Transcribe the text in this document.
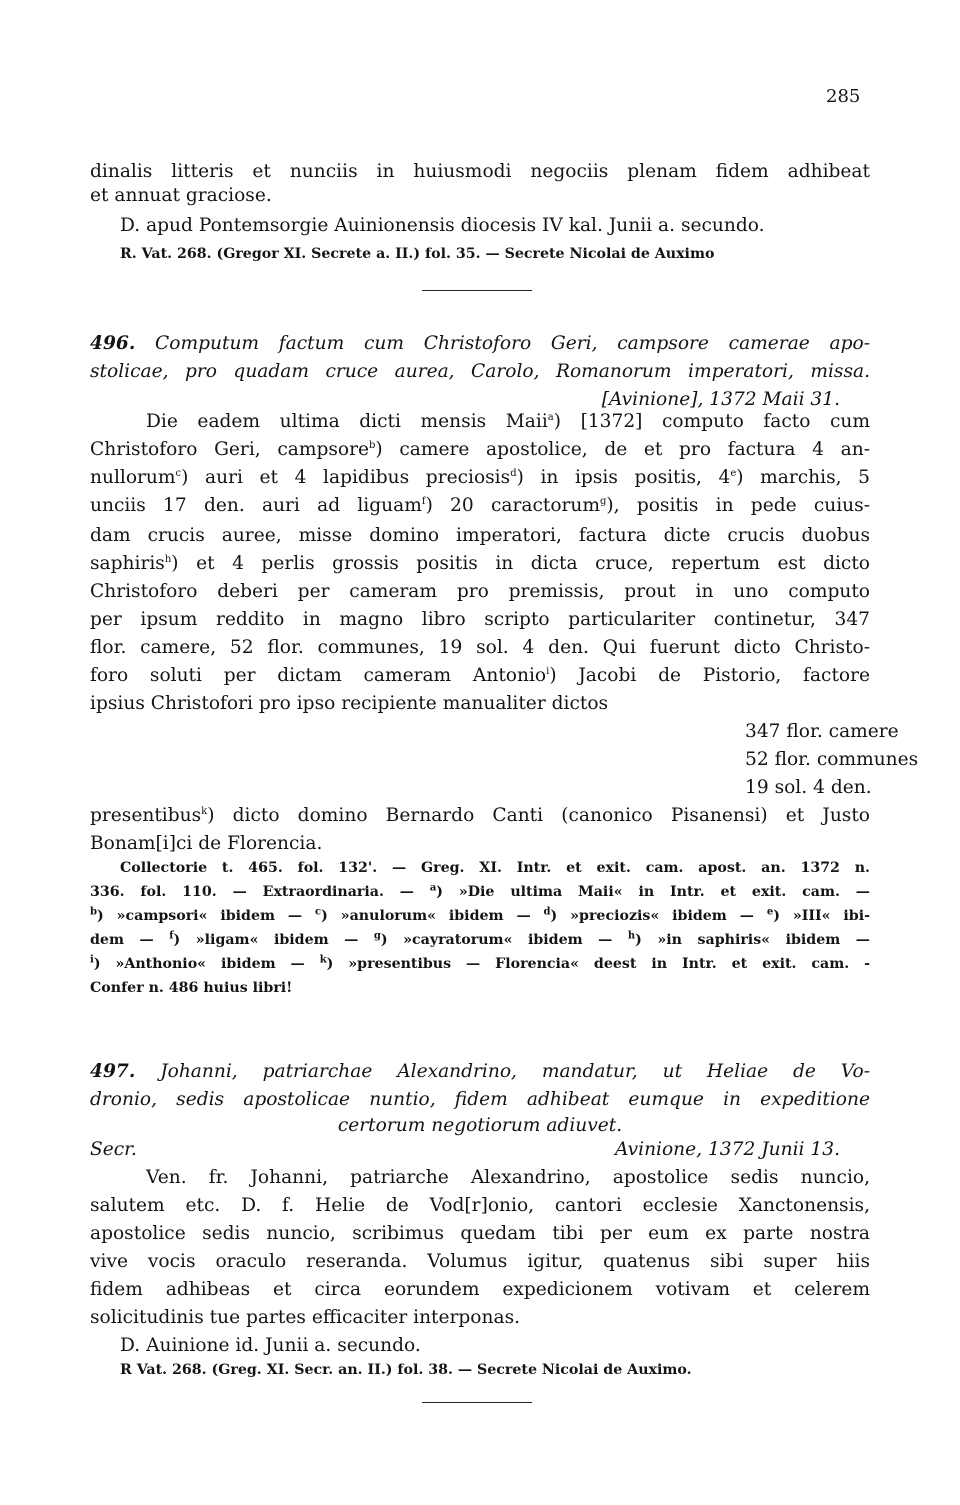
285
dinalis litteris et nunciis in huiusmodi negociis plenam fidem adhibeat
et annuat graciose.
D. apud Pontemsorgie Auinionensis diocesis IV kal. Junii a. secundo.
R. Vat. 268. (Gregor XI. Secrete a. II.) fol. 35. — Secrete Nicolai de Auximo
496. Computum factum cum Christoforo Geri, campsore camerae apo-
stolicae, pro quadam cruce aurea, Carolo, Romanorum imperatori, missa.
[Avinione], 1372 Maii 31.
Die eadem ultima dicti mensis Maii$^a$) [1372] computo facto cum
Christoforo Geri, campsore$^b$) camere apostolice, de et pro factura 4 an-
nullorum$^c$) auri et 4 lapidibus preciosis$^d$) in ipsis positis, 4e) marchis, 5
unciis 17 den. auri ad liguam$^f$) 20 caractorum$^g$), positis in pede cuius-
dam crucis auree, misse domino imperatori, factura dicte crucis duobus
saphiris$^h$) et 4 perlis grossis positis in dicta cruce, repertum est dicto
Christoforo deberi per cameram pro premissis, prout in uno computo
per ipsum reddito in magno libro scripto particulariter continetur, 347
flor. camere, 52 flor. communes, 19 sol. 4 den. Qui fuerunt dicto Christo-
foro soluti per dictam cameram Antonio$^i$) Jacobi de Pistorio, factore
ipsius Christofori pro ipso recipiente manualiter dictos
347 flor. camere
52 flor. communes
19 sol. 4 den.
presentibus$^k$) dicto domino Bernardo Canti (canonico Pisanensi) et Justo
Bonam[i]ci de Florencia.
Collectorie t. 465. fol. 132'. — Greg. XI. Intr. et exit. cam. apost. an. 1372 n.
336. fol. 110. — Extraordinaria. — $^a$) »Die ultima Maii« in Intr. et exit. cam. —
$^b$) »campsori« ibidem — $^c$) »anulorum« ibidem — $^d$) »preciozis« ibidem — $^e$) »III« ibi-
dem — $^f$) »ligam« ibidem — $^g$) »cayratorum« ibidem — $^h$) »in saphiris« ibidem —
$^i$) »Anthonio« ibidem — $^k$) »presentibus — Florencia« deest in Intr. et exit. cam. -
Confer n. 486 huius libri!
497. Johanni, patriarchae Alexandrino, mandatur, ut Heliae de Vo-
dronio, sedis apostolicae nuntio, fidem adhibeat eumque in expeditione
certorum negotiorum adiuvet.
Secr.	Avinione, 1372 Junii 13.
Ven. fr. Johanni, patriarche Alexandrino, apostolice sedis nuncio,
salutem etc. D. f. Helie de Vod[r]onio, cantori ecclesie Xanctonensis,
apostolice sedis nuncio, scribimus quedam tibi per eum ex parte nostra
vive vocis oraculo reseranda. Volumus igitur, quatenus sibi super hiis
fidem adhibeas et circa eorundem expedicionem votivam et celerem
solicitudinis tue partes efficaciter interponas.
D. Auinione id. Junii a. secundo.
R Vat. 268. (Greg. XI. Secr. an. II.) fol. 38. — Secrete Nicolai de Auximo.
